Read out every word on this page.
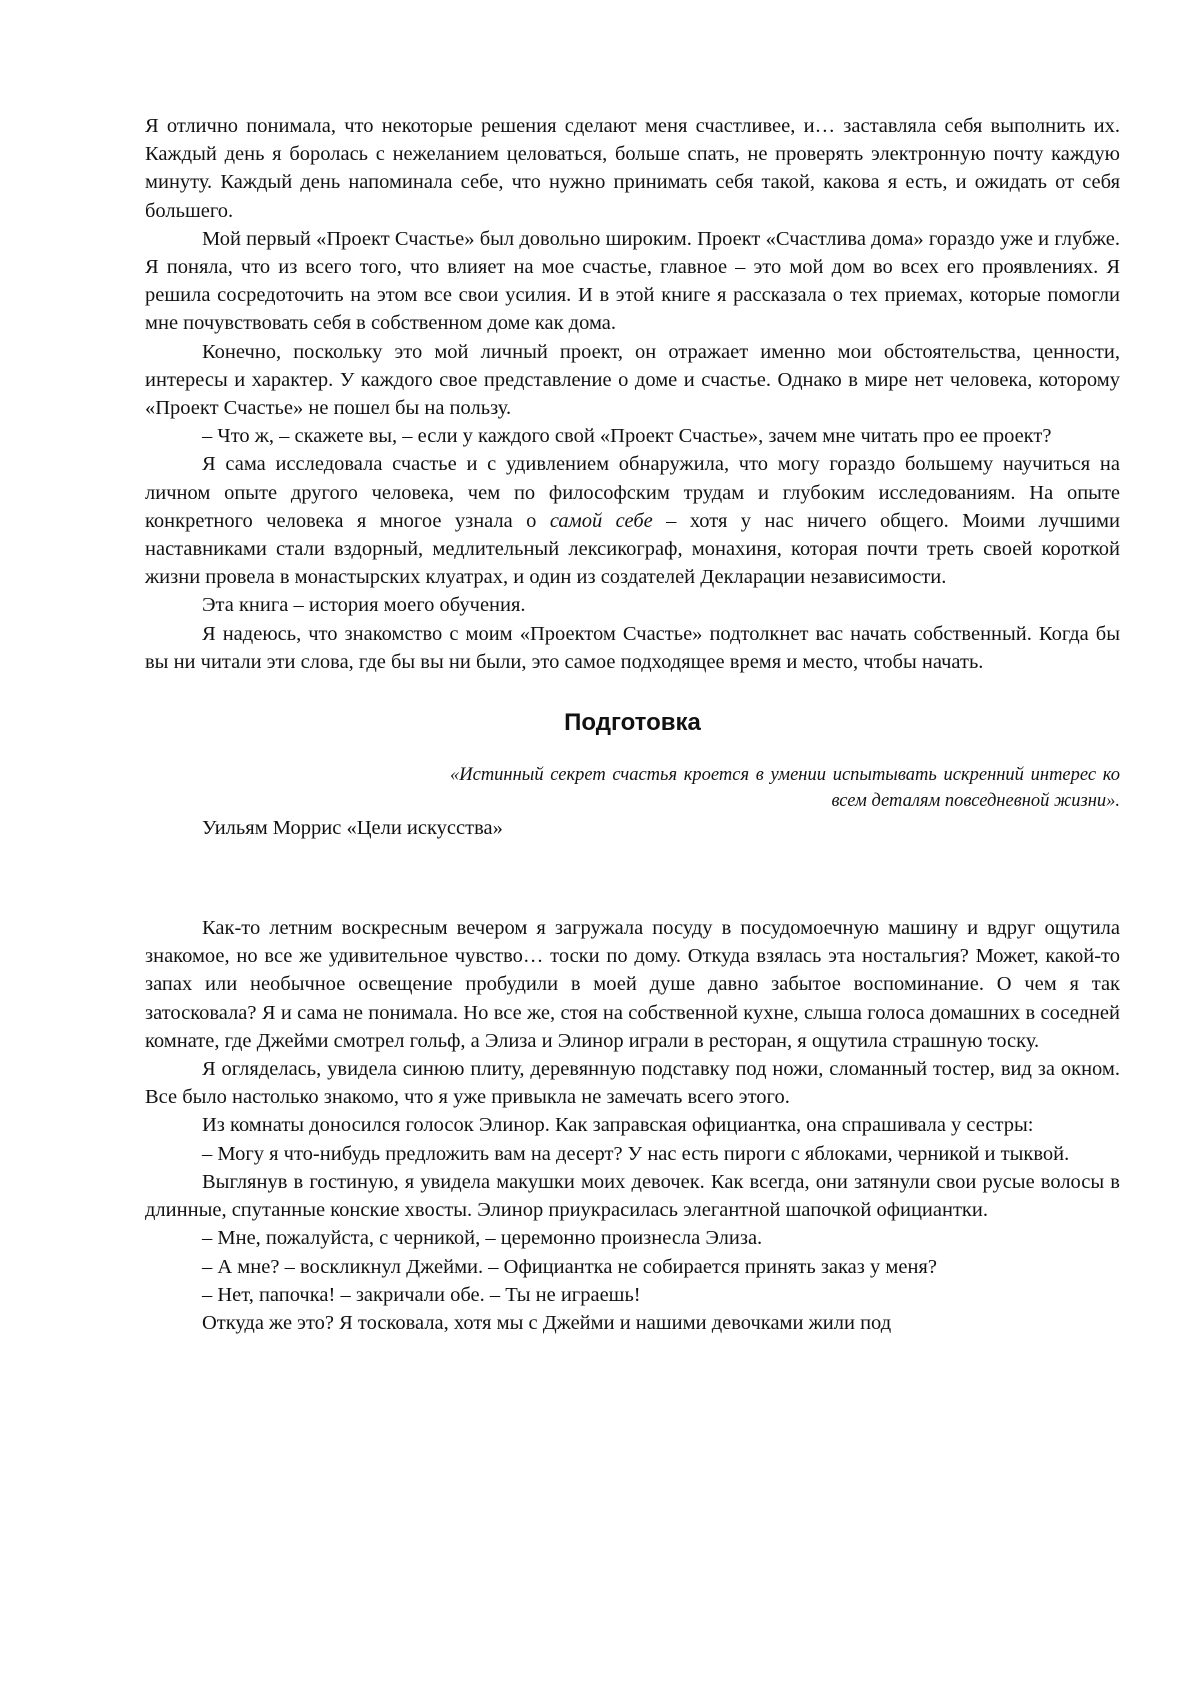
Я отлично понимала, что некоторые решения сделают меня счастливее, и… заставляла себя выполнить их. Каждый день я боролась с нежеланием целоваться, больше спать, не проверять электронную почту каждую минуту. Каждый день напоминала себе, что нужно принимать себя такой, какова я есть, и ожидать от себя большего.

Мой первый «Проект Счастье» был довольно широким. Проект «Счастлива дома» гораздо уже и глубже. Я поняла, что из всего того, что влияет на мое счастье, главное – это мой дом во всех его проявлениях. Я решила сосредоточить на этом все свои усилия. И в этой книге я рассказала о тех приемах, которые помогли мне почувствовать себя в собственном доме как дома.

Конечно, поскольку это мой личный проект, он отражает именно мои обстоятельства, ценности, интересы и характер. У каждого свое представление о доме и счастье. Однако в мире нет человека, которому «Проект Счастье» не пошел бы на пользу.

– Что ж, – скажете вы, – если у каждого свой «Проект Счастье», зачем мне читать про ее проект?

Я сама исследовала счастье и с удивлением обнаружила, что могу гораздо большему научиться на личном опыте другого человека, чем по философским трудам и глубоким исследованиям. На опыте конкретного человека я многое узнала о самой себе – хотя у нас ничего общего. Моими лучшими наставниками стали вздорный, медлительный лексикограф, монахиня, которая почти треть своей короткой жизни провела в монастырских клуатрах, и один из создателей Декларации независимости.

Эта книга – история моего обучения.

Я надеюсь, что знакомство с моим «Проектом Счастье» подтолкнет вас начать собственный. Когда бы вы ни читали эти слова, где бы вы ни были, это самое подходящее время и место, чтобы начать.

Подготовка
«Истинный секрет счастья кроется в умении испытывать искренний интерес ко всем деталям повседневной жизни».

Уильям Моррис «Цели искусства»

Как-то летним воскресным вечером я загружала посуду в посудомоечную машину и вдруг ощутила знакомое, но все же удивительное чувство… тоски по дому. Откуда взялась эта ностальгия? Может, какой-то запах или необычное освещение пробудили в моей душе давно забытое воспоминание. О чем я так затосковала? Я и сама не понимала. Но все же, стоя на собственной кухне, слыша голоса домашних в соседней комнате, где Джейми смотрел гольф, а Элиза и Элинор играли в ресторан, я ощутила страшную тоску.

Я огляделась, увидела синюю плиту, деревянную подставку под ножи, сломанный тостер, вид за окном. Все было настолько знакомо, что я уже привыкла не замечать всего этого.

Из комнаты доносился голосок Элинор. Как заправская официантка, она спрашивала у сестры:

– Могу я что-нибудь предложить вам на десерт? У нас есть пироги с яблоками, черникой и тыквой.

Выглянув в гостиную, я увидела макушки моих девочек. Как всегда, они затянули свои русые волосы в длинные, спутанные конские хвосты. Элинор приукрасилась элегантной шапочкой официантки.

– Мне, пожалуйста, с черникой, – церемонно произнесла Элиза.

– А мне? – воскликнул Джейми. – Официантка не собирается принять заказ у меня?

– Нет, папочка! – закричали обе. – Ты не играешь!

Откуда же это? Я тосковала, хотя мы с Джейми и нашими девочками жили под
